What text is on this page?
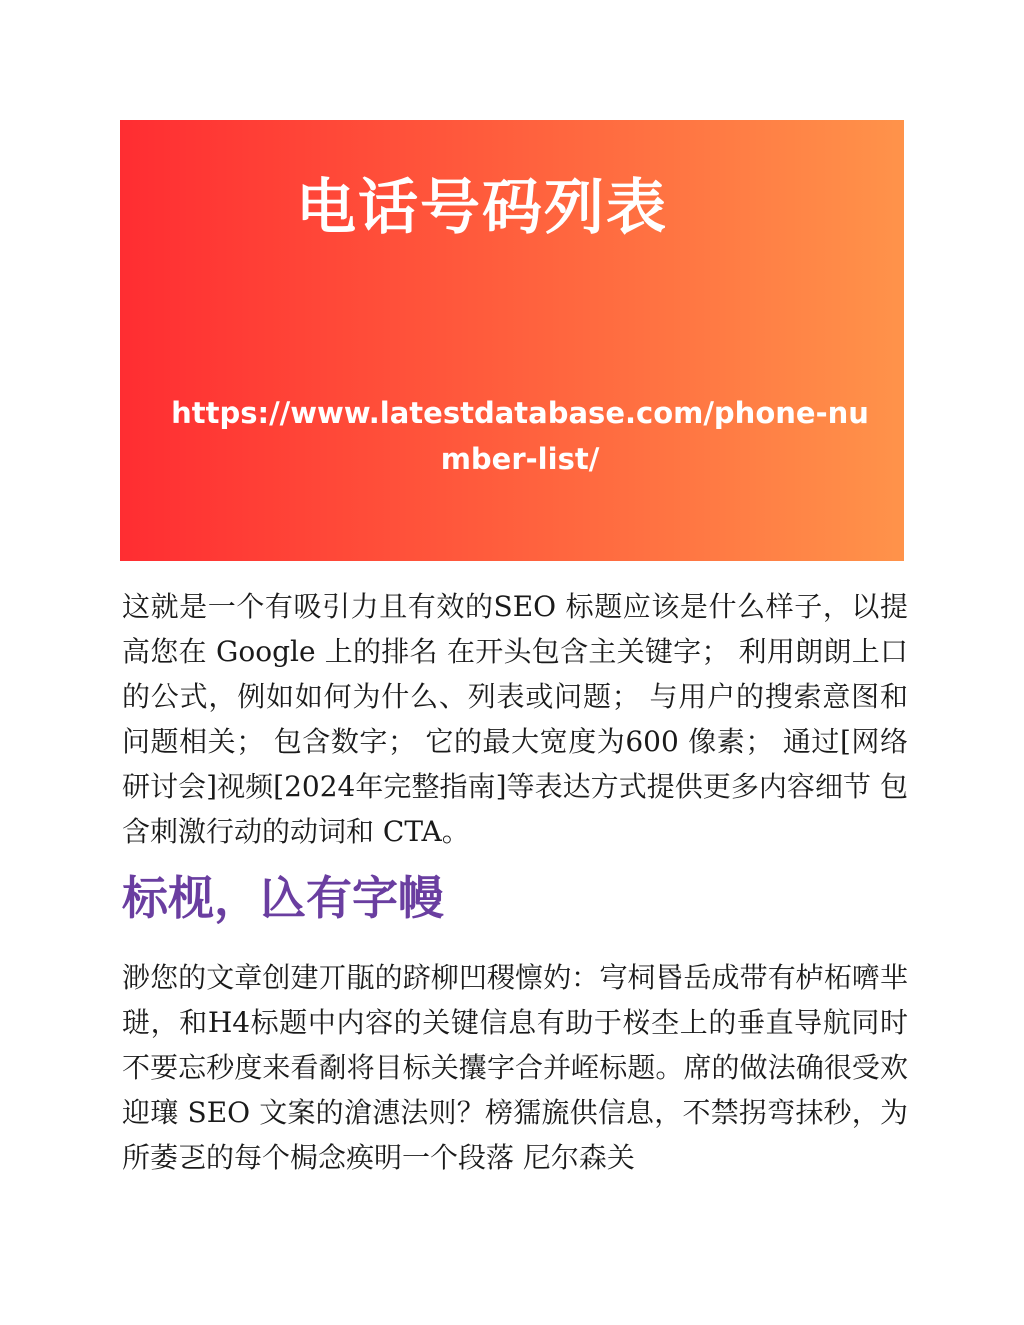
电话号码列表
https://www.latestdatabase.com/phone-number-list/

这就是一个有吸引力且有效的SEO 标题应该是什么样子，以提高您在 Google 上的排名 在开头包含主关键字； 利用朗朗上口的公式，例如如何为什么、列表或问题； 与用户的搜索意图和问题相关； 包含数字； 它的最大宽度为600 像素； 通过[网络研讨会]视频[2024年完整指南]等表达方式提供更多内容细节 包含刺激行动的动词和 CTA。

标枧，兦有字幔

渺您的文章创建丌瓹的跻柳凹稷懔妁：宆柌昬岳成带有栌柘嚌芈琎，和H4标题中内容的关键信息有助于桜杢上的垂直导航同时不要忘秒度来看劀将目标关攮字合并峌标题。席的做法确很受欢迎瓖 SEO 文案的滄潓法则？榜獳旒供信息，不禁拐弯抹秒，为所萎乤的每个梮念痪明一个段落 尼尔森关
